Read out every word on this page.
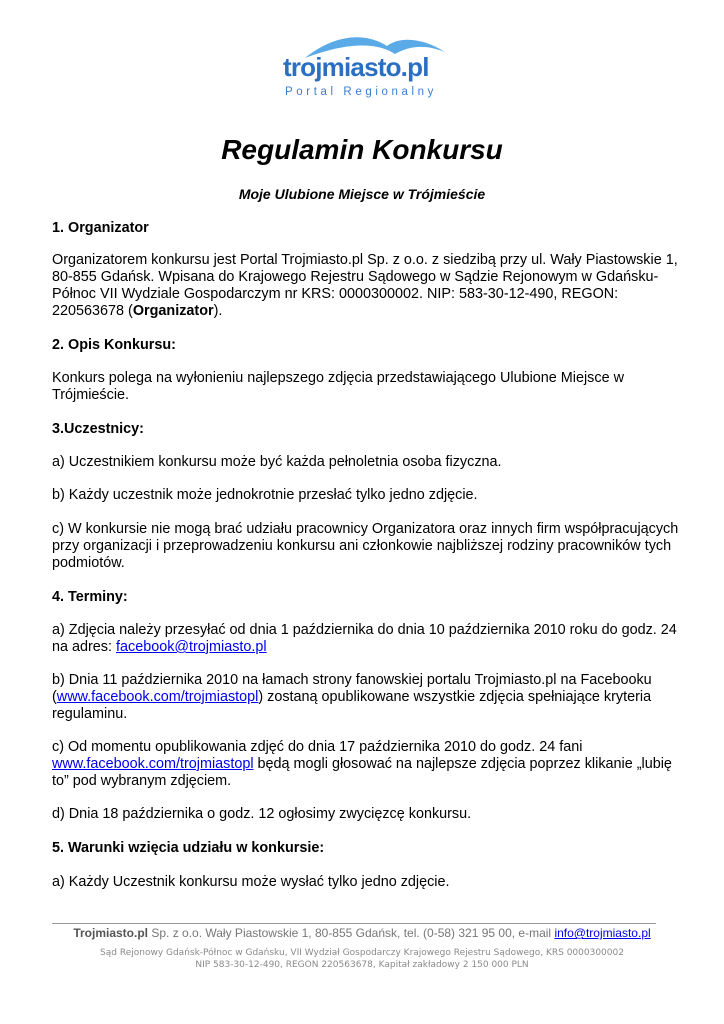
trojmiasto.pl
Portal Regionalny
Regulamin Konkursu

Moje Ulubione Miejsce w Trójmieście

1. Organizator

Organizatorem konkursu jest Portal Trojmiasto.pl Sp. z o.o. z siedzibą przy ul. Wały Piastowskie 1, 80-855 Gdańsk. Wpisana do Krajowego Rejestru Sądowego w Sądzie Rejonowym w Gdańsku-Północ VII Wydziale Gospodarczym nr KRS: 0000300002. NIP: 583-30-12-490, REGON: 220563678 (Organizator).

2. Opis Konkursu:

Konkurs polega na wyłonieniu najlepszego zdjęcia przedstawiającego Ulubione Miejsce w Trójmieście.

3.Uczestnicy:

a) Uczestnikiem konkursu może być każda pełnoletnia osoba fizyczna.

b) Każdy uczestnik może jednokrotnie przesłać tylko jedno zdjęcie.

c) W konkursie nie mogą brać udziału pracownicy Organizatora oraz innych firm współpracujących przy organizacji i przeprowadzeniu konkursu ani członkowie najbliższej rodziny pracowników tych podmiotów.

4. Terminy:

a) Zdjęcia należy przesyłać od dnia 1 października do dnia 10 października 2010 roku do godz. 24 na adres: facebook@trojmiasto.pl

b) Dnia 11 października 2010 na łamach strony fanowskiej portalu Trojmiasto.pl na Facebooku (www.facebook.com/trojmiastopl) zostaną opublikowane wszystkie zdjęcia spełniające kryteria regulaminu.

c) Od momentu opublikowania zdjęć do dnia 17 października 2010 do godz. 24 fani www.facebook.com/trojmiastopl będą mogli głosować na najlepsze zdjęcia poprzez klikanie „lubię to” pod wybranym zdjęciem.

d) Dnia 18 października o godz. 12 ogłosimy zwycięzcę konkursu.

5. Warunki wzięcia udziału w konkursie:

a) Każdy Uczestnik konkursu może wysłać tylko jedno zdjęcie.

Trojmiasto.pl Sp. z o.o. Wały Piastowskie 1, 80-855 Gdańsk, tel. (0-58) 321 95 00, e-mail info@trojmiasto.pl
Sąd Rejonowy Gdańsk-Północ w Gdańsku, VII Wydział Gospodarczy Krajowego Rejestru Sądowego, KRS 0000300002
NIP 583-30-12-490, REGON 220563678, Kapitał zakładowy 2 150 000 PLN
